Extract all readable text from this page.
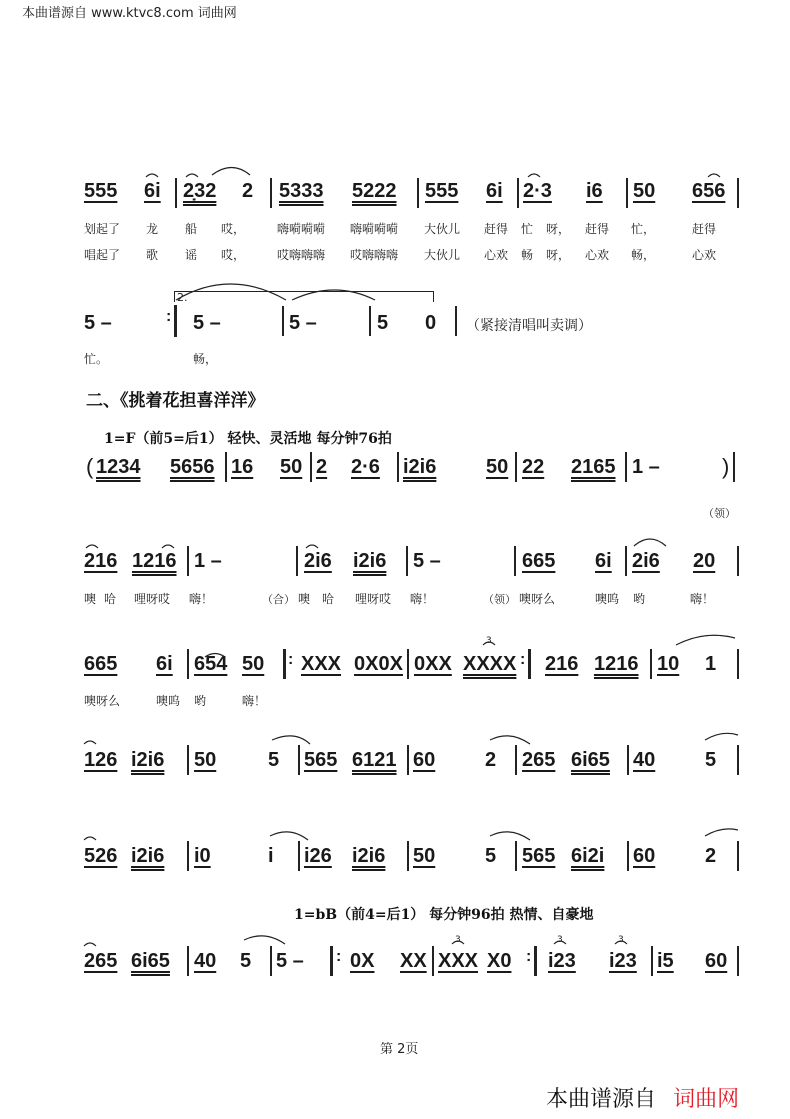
本曲谱源自 www.ktvc8.com 词曲网
555 6i 2̣32 2 5333 5222 555 6i 2·3 i6 50 656
划起了 龙 船 哎，	嗨嗬嗬嗬 嗨嗬嗬嗬 大伙儿 赶得 忙 呀， 赶得 忙，	赶得
唱起了 歌 谣 哎，	哎嗨嗨嗨 哎嗨嗨嗨 大伙儿 心欢 畅 呀， 心欢 畅，	心欢
5 –	:
2.
5 –	5 –	5 0 （紧接清唱叫卖调）
忙。	畅，
二、《挑着花担喜洋洋》
1=F（前5=后1） 轻快、灵活地 每分钟76拍
( 1234 5656 16 50 2 2·6 i2i6 50 22 2165 1 –	)
（领）
216 1216 1 –	2i6 i2i6 5 –	665 6i 2i6 20
噢 哈 哩呀哎 嗨！	（合） 噢 哈 哩呀哎 嗨！	（领） 噢呀么	噢呜 哟	嗨！
665 6i 654 50 : XXX 0X0X 0XX XXXX : 216 1216 10 1
噢呀么	噢呜 哟	嗨！
126 i2i6 50	5 565 6121 60 2 265 6i65 40 5
526 i2i6 i0	i i26 i2i6 50 5 565 6i2i 60 2
1=bB（前4=后1） 每分钟96拍 热情、自豪地
265 6i65 40 5 5 – : 0X XX XXX X0 : i23 i23 i5 60
3
3	3	3
第 2页
本曲谱源自 词曲网
